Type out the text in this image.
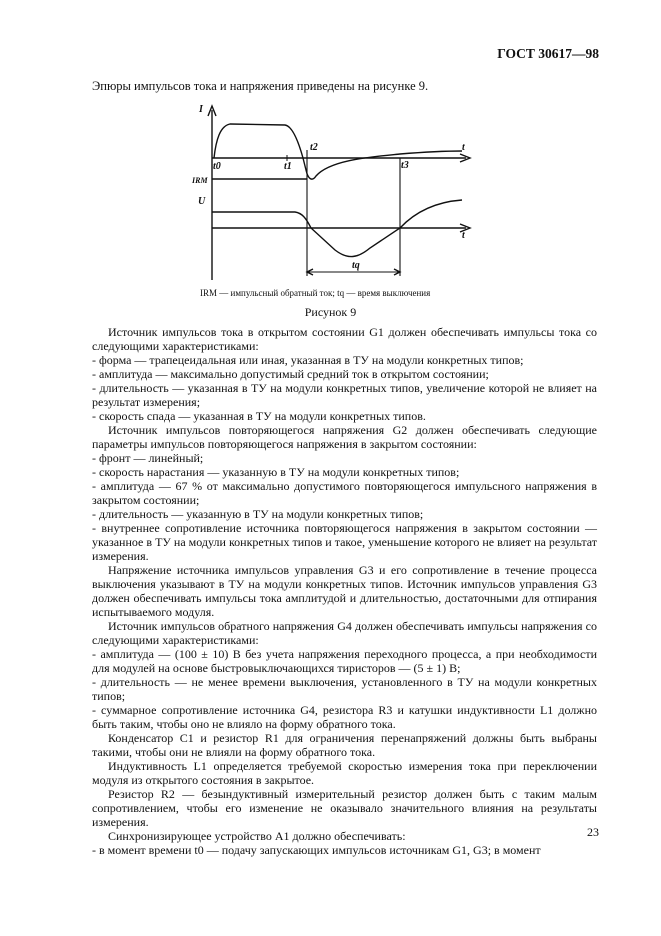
ГОСТ 30617—98
Эпюры импульсов тока и напряжения приведены на рисунке 9.
I
t0	t1
t2
t3
t
IRM
U
t
tq
IRM — импульсный обратный ток; tq — время выключения
Рисунок 9

Источник импульсов тока в открытом состоянии G1 должен обеспечивать импульсы тока со следующими характеристиками:

- форма — трапецеидальная или иная, указанная в ТУ на модули конкретных типов;

- амплитуда — максимально допустимый средний ток в открытом состоянии;

- длительность — указанная в ТУ на модули конкретных типов, увеличение которой не влияет на результат измерения;

- скорость спада — указанная в ТУ на модули конкретных типов.

Источник импульсов повторяющегося напряжения G2 должен обеспечивать следующие параметры импульсов повторяющегося напряжения в закрытом состоянии:

- фронт — линейный;

- скорость нарастания — указанную в ТУ на модули конкретных типов;

- амплитуда — 67 % от максимально допустимого повторяющегося импульсного напряжения в закрытом состоянии;

- длительность — указанную в ТУ на модули конкретных типов;

- внутреннее сопротивление источника повторяющегося напряжения в закрытом состоянии — указанное в ТУ на модули конкретных типов и такое, уменьшение которого не влияет на результат измерения.

Напряжение источника импульсов управления G3 и его сопротивление в течение процесса выключения указывают в ТУ на модули конкретных типов. Источник импульсов управления G3 должен обеспечивать импульсы тока амплитудой и длительностью, достаточными для отпирания испытываемого модуля.

Источник импульсов обратного напряжения G4 должен обеспечивать импульсы напряжения со следующими характеристиками:

- амплитуда — (100 ± 10) В без учета напряжения переходного процесса, а при необходимости для модулей на основе быстровыключающихся тиристоров — (5 ± 1) В;

- длительность — не менее времени выключения, установленного в ТУ на модули конкретных типов;

- суммарное сопротивление источника G4, резистора R3 и катушки индуктивности L1 должно быть таким, чтобы оно не влияло на форму обратного тока.

Конденсатор C1 и резистор R1 для ограничения перенапряжений должны быть выбраны такими, чтобы они не влияли на форму обратного тока.

Индуктивность L1 определяется требуемой скоростью измерения тока при переключении модуля из открытого состояния в закрытое.

Резистор R2 — безындуктивный измерительный резистор должен быть с таким малым сопротивлением, чтобы его изменение не оказывало значительного влияния на результаты измерения.

Синхронизирующее устройство A1 должно обеспечивать:

- в момент времени t0 — подачу запускающих импульсов источникам G1, G3; в момент

23
